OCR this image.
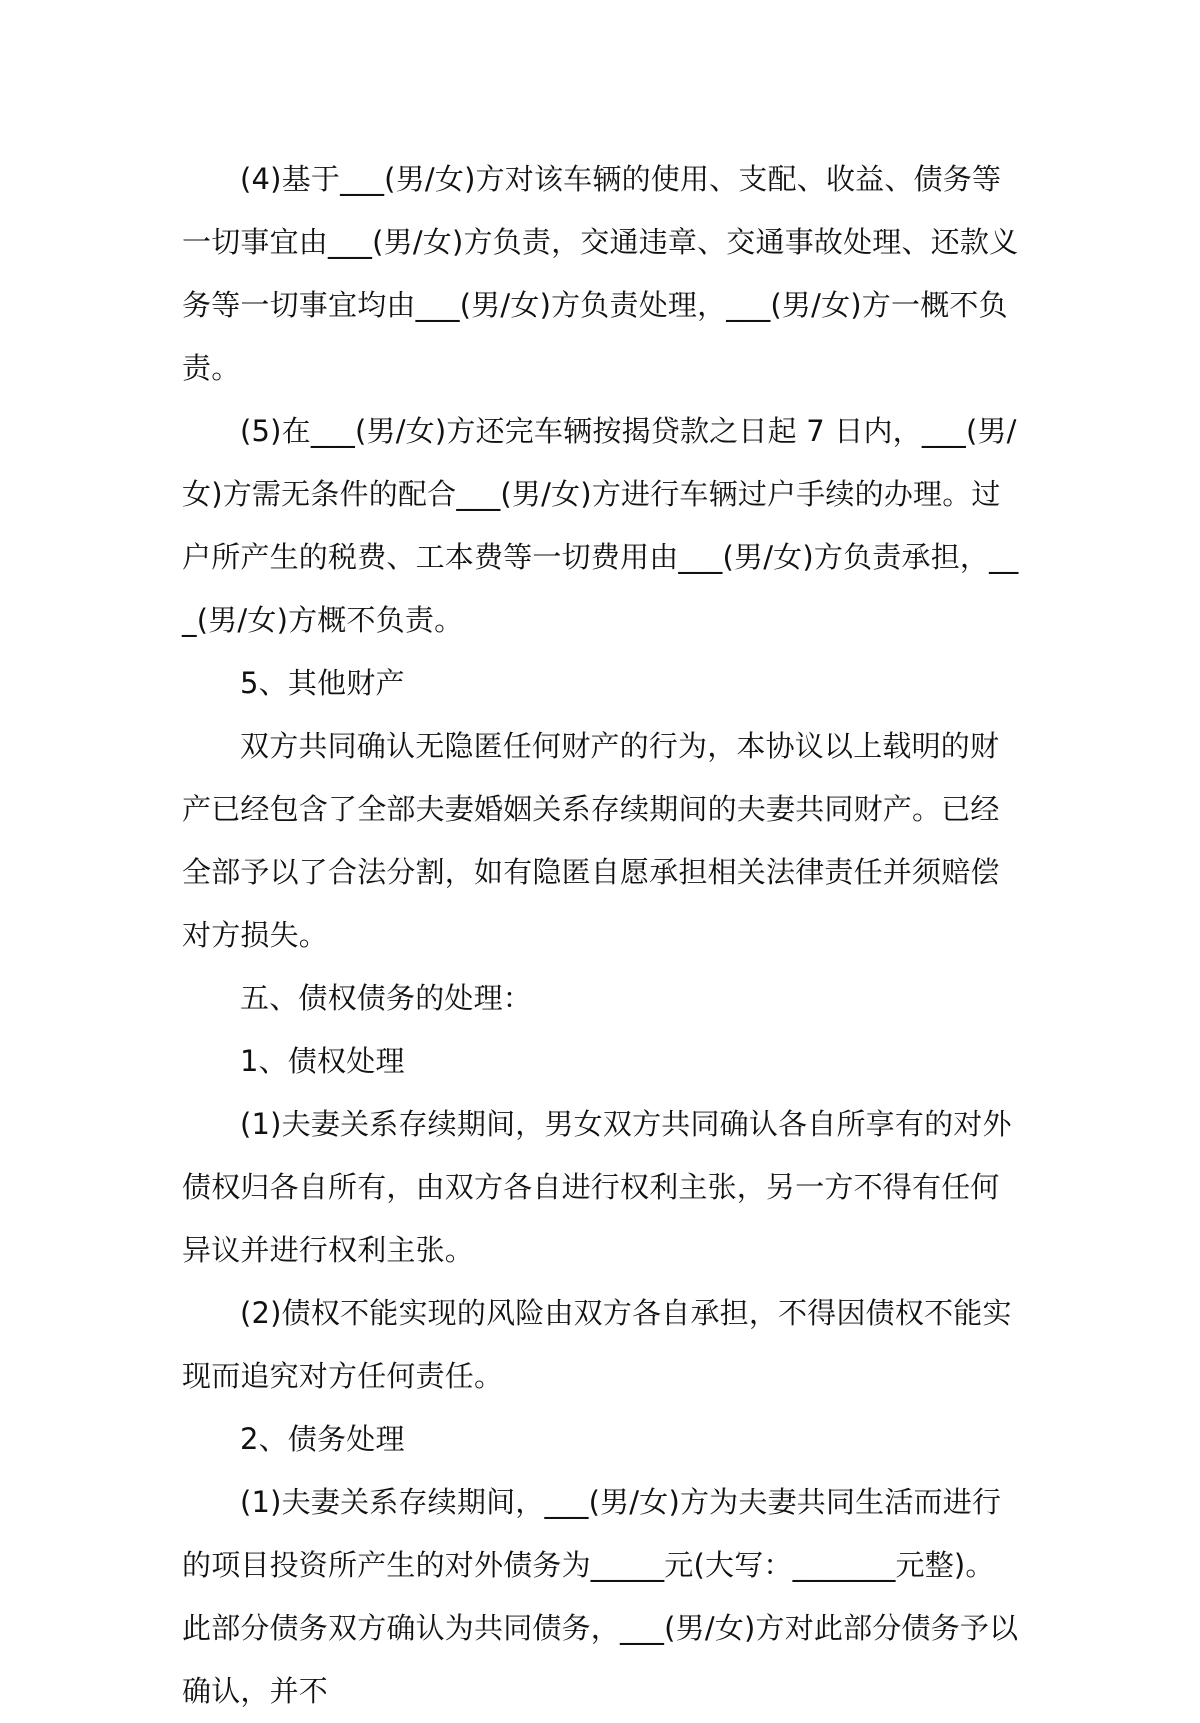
(4)基于___(男/女)方对该车辆的使用、支配、收益、债务等一切事宜由___(男/女)方负责，交通违章、交通事故处理、还款义务等一切事宜均由___(男/女)方负责处理，___(男/女)方一概不负责。

(5)在___(男/女)方还完车辆按揭贷款之日起 7 日内，___(男/女)方需无条件的配合___(男/女)方进行车辆过户手续的办理。过户所产生的税费、工本费等一切费用由___(男/女)方负责承担，___(男/女)方概不负责。

5、其他财产

双方共同确认无隐匿任何财产的行为，本协议以上载明的财产已经包含了全部夫妻婚姻关系存续期间的夫妻共同财产。已经全部予以了合法分割，如有隐匿自愿承担相关法律责任并须赔偿对方损失。

五、债权债务的处理：

1、债权处理

(1)夫妻关系存续期间，男女双方共同确认各自所享有的对外债权归各自所有，由双方各自进行权利主张，另一方不得有任何异议并进行权利主张。

(2)债权不能实现的风险由双方各自承担，不得因债权不能实现而追究对方任何责任。

2、债务处理

(1)夫妻关系存续期间，___(男/女)方为夫妻共同生活而进行的项目投资所产生的对外债务为_____元(大写：_______元整)。此部分债务双方确认为共同债务，___(男/女)方对此部分债务予以确认，并不
